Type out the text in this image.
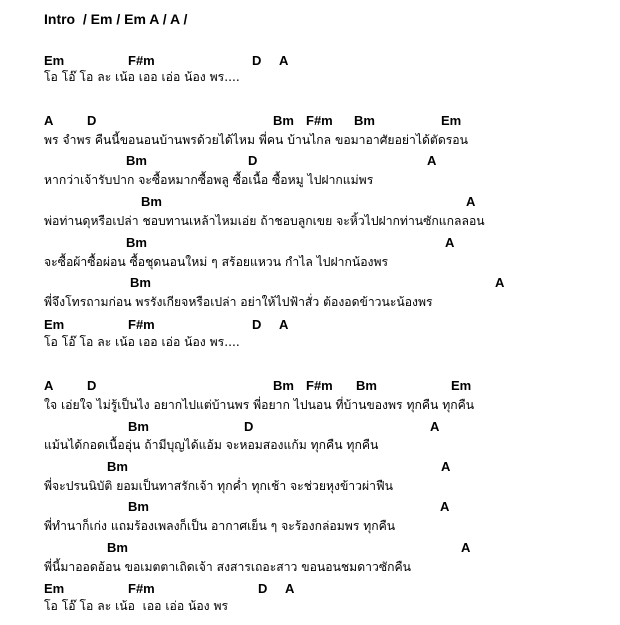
Intro  / Em / Em A / A /
Em	F#m	D A
โอ โอ๊ โอ ละ เน้อ เออ เอ่อ น้อง พร....
A	D	Bm F#m Bm	Em
พร จำพร คืนนี้ขอนอนบ้านพรด้วยได้ไหม พี่คน บ้านไกล ขอมาอาศัยอย่าได้ตัดรอน
Bm	D	A
หากว่าเจ้ารับปาก จะซื้อหมากซื้อพลู ซื้อเนื้อ ซื้อหมู ไปฝากแม่พร
Bm	A
พ่อท่านดุหรือเปล่า ชอบทานเหล้าไหมเอ่ย ถ้าชอบลูกเขย จะหิ้วไปฝากท่านซักแกลลอน
Bm	A
จะซื้อผ้าซื้อผ่อน ซื้อชุดนอนใหม่ ๆ สร้อยแหวน กำไล ไปฝากน้องพร
Bm	A
พี่จึงโทรถามก่อน พรรังเกียจหรือเปล่า อย่าให้ไปฟ้าสั่ว ต้องอดข้าวนะน้องพร
Em	F#m	D A
โอ โอ๊ โอ ละ เน้อ เออ เอ่อ น้อง พร....
A	D	Bm F#m Bm	Em
ใจ เอ่ยใจ ไม่รู้เป็นไง อยากไปแต่บ้านพร พี่อยาก ไปนอน ที่บ้านของพร ทุกคืน ทุกคืน
Bm	D	A
แม้นได้กอดเนื้ออุ่น ถ้ามีบุญได้แอ้ม จะหอมสองแก้ม ทุกคืน ทุกคืน
Bm	A
พี่จะปรนนิบัติ ยอมเป็นทาสรักเจ้า ทุกค่ำ ทุกเช้า จะช่วยหุงข้าวผ่าฟืน
Bm	A
พี่ทำนาก็เก่ง แถมร้องเพลงก็เป็น อากาศเย็น ๆ จะร้องกล่อมพร ทุกคืน
Bm	A
พี่นี้มาออดอ้อน ขอเมตตาเถิดเจ้า สงสารเถอะสาว ขอนอนชมดาวซักคืน
Em	F#m	D A
โอ โอ๊ โอ ละ เน้อ  เออ เอ่อ น้อง พร
